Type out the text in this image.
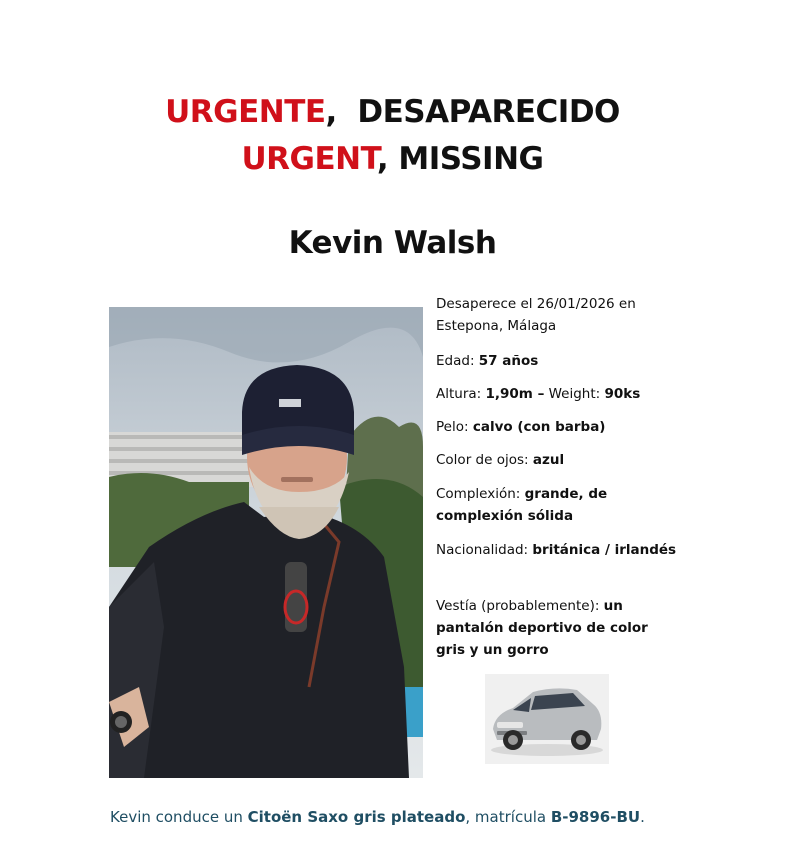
URGENTE,  DESAPARECIDO
URGENT, MISSING
Kevin Walsh
Desaperece el 26/01/2026 en Estepona, Málaga
Edad: 57 años
Altura: 1,90m – Weight: 90ks
Pelo: calvo (con barba)
Color de ojos: azul
Complexión: grande, de complexión sólida
Nacionalidad: británica / irlandés
Vestía (probablemente): un pantalón deportivo de color gris y un gorro
Kevin conduce un Citoën Saxo gris plateado, matrícula B-9896-BU.
